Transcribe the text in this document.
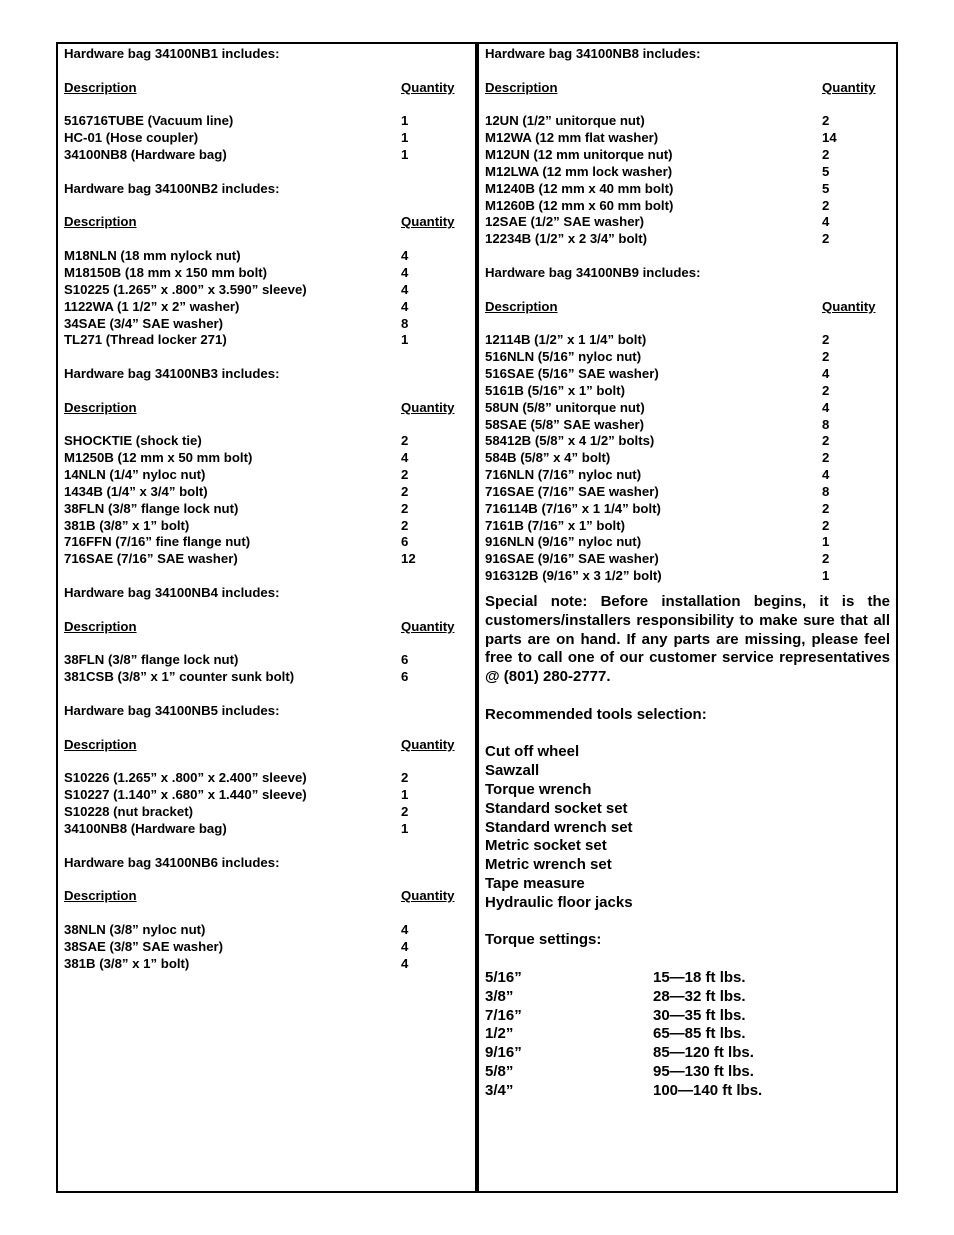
Hardware bag 34100NB1 includes:
Description	Quantity
516716TUBE (Vacuum line)	1
HC-01 (Hose coupler)	1
34100NB8 (Hardware bag)	1
Hardware bag 34100NB2 includes:
Description	Quantity
M18NLN (18 mm nylock nut)	4
M18150B (18 mm x 150 mm bolt)	4
S10225 (1.265” x .800” x 3.590” sleeve)	4
1122WA (1 1/2” x 2” washer)	4
34SAE (3/4” SAE washer)	8
TL271 (Thread locker 271)	1
Hardware bag 34100NB3 includes:
Description	Quantity
SHOCKTIE (shock tie)	2
M1250B (12 mm x 50 mm bolt)	4
14NLN (1/4” nyloc nut)	2
1434B (1/4” x 3/4” bolt)	2
38FLN (3/8” flange lock nut)	2
381B (3/8” x 1” bolt)	2
716FFN (7/16” fine flange nut)	6
716SAE (7/16” SAE washer)	12
Hardware bag 34100NB4 includes:
Description	Quantity
38FLN (3/8” flange lock nut)	6
381CSB (3/8” x 1” counter sunk bolt)	6
Hardware bag 34100NB5 includes:
Description	Quantity
S10226 (1.265” x .800” x 2.400” sleeve)	2
S10227 (1.140” x .680” x 1.440” sleeve)	1
S10228 (nut bracket)	2
34100NB8 (Hardware bag)	1
Hardware bag 34100NB6 includes:
Description	Quantity
38NLN (3/8” nyloc nut)	4
38SAE (3/8” SAE washer)	4
381B (3/8” x 1” bolt)	4
Hardware bag 34100NB8 includes:
Description	Quantity
12UN (1/2” unitorque nut)	2
M12WA (12 mm flat washer)	14
M12UN (12 mm unitorque nut)	2
M12LWA (12 mm lock washer)	5
M1240B (12 mm x 40 mm bolt)	5
M1260B (12 mm x 60 mm bolt)	2
12SAE (1/2” SAE washer)	4
12234B (1/2” x 2 3/4” bolt)	2
Hardware bag 34100NB9 includes:
Description	Quantity
12114B (1/2” x 1 1/4” bolt)	2
516NLN (5/16” nyloc nut)	2
516SAE (5/16” SAE washer)	4
5161B (5/16” x 1” bolt)	2
58UN (5/8” unitorque nut)	4
58SAE (5/8” SAE washer)	8
58412B (5/8” x 4 1/2” bolts)	2
584B (5/8” x 4” bolt)	2
716NLN (7/16” nyloc nut)	4
716SAE (7/16” SAE washer)	8
716114B (7/16” x 1 1/4” bolt)	2
7161B (7/16” x 1” bolt)	2
916NLN (9/16” nyloc nut)	1
916SAE (9/16” SAE washer)	2
916312B (9/16” x 3 1/2” bolt)	1
Special note: Before installation begins, it is the customers/installers responsibility to make sure that all parts are on hand. If any parts are missing, please feel free to call one of our customer service representatives @ (801) 280-2777.
Recommended tools selection:
Cut off wheel
Sawzall
Torque wrench
Standard socket set
Standard wrench set
Metric socket set
Metric wrench set
Tape measure
Hydraulic floor jacks
Torque settings:
5/16”	15—18 ft lbs.
3/8”	28—32 ft lbs.
7/16”	30—35 ft lbs.
1/2”	65—85 ft lbs.
9/16”	85—120 ft lbs.
5/8”	95—130 ft lbs.
3/4”	100—140 ft lbs.
